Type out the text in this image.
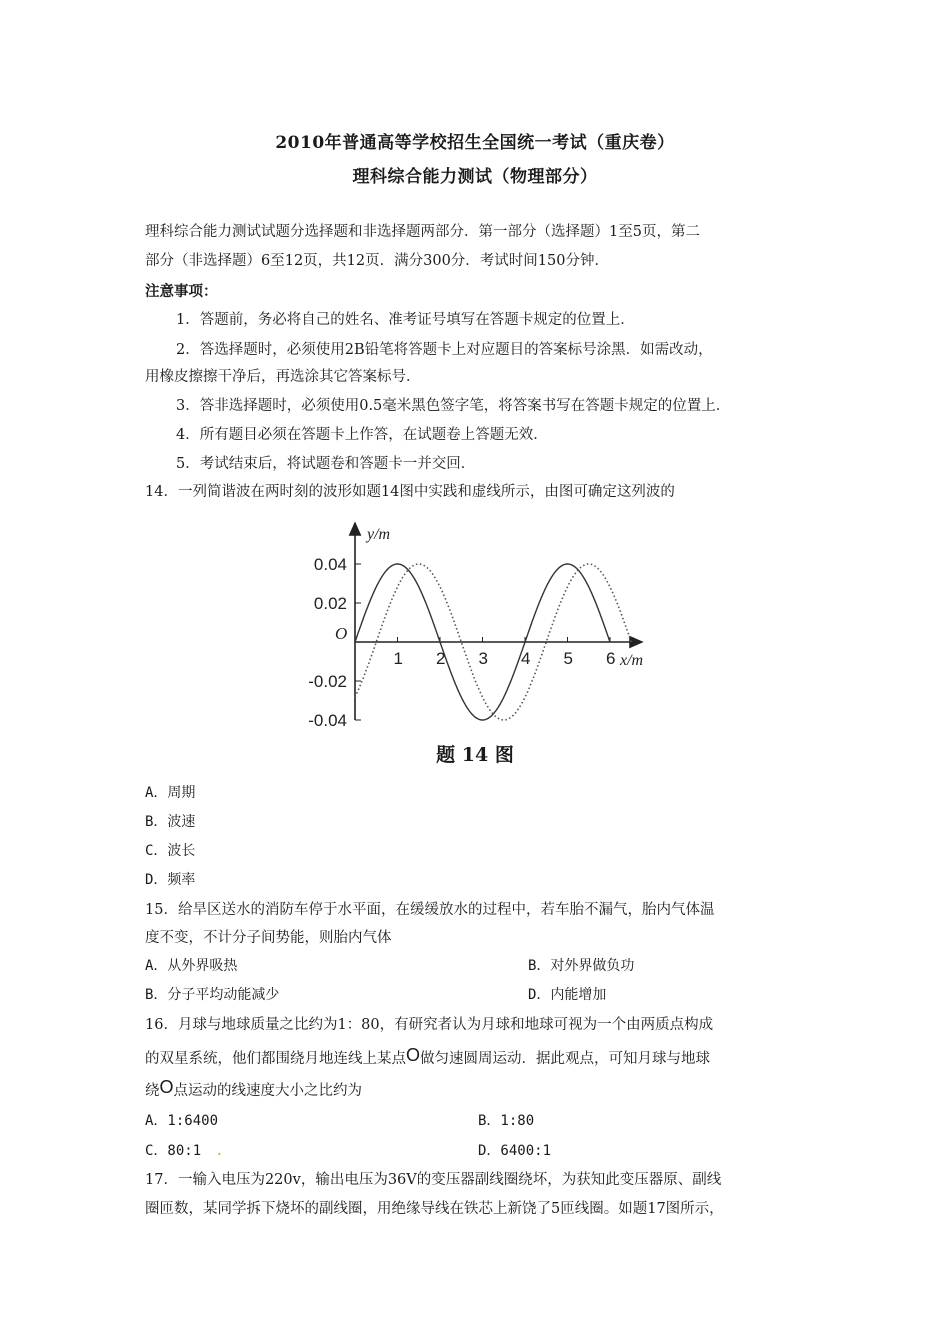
2010年普通高等学校招生全国统一考试（重庆卷）
理科综合能力测试（物理部分）
理科综合能力测试试题分选择题和非选择题两部分．第一部分（选择题）1至5页，第二
部分（非选择题）6至12页，共12页．满分300分．考试时间150分钟．
注意事项：
1．答题前，务必将自己的姓名、准考证号填写在答题卡规定的位置上．
2．答选择题时，必须使用2B铅笔将答题卡上对应题目的答案标号涂黑．如需改动，
用橡皮擦擦干净后，再选涂其它答案标号．
3．答非选择题时，必须使用0.5毫米黑色签字笔，将答案书写在答题卡规定的位置上．
4．所有题目必须在答题卡上作答，在试题卷上答题无效．
5．考试结束后，将试题卷和答题卡一并交回．
14．一列简谐波在两时刻的波形如题14图中实践和虚线所示，由图可确定这列波的
1 2 3 4 5 6
0.04
0.02
-0.02
-0.04
O
y/m
x/m
题 14 图
A．周期
B．波速
C．波长
D．频率
15．给旱区送水的消防车停于水平面，在缓缓放水的过程中，若车胎不漏气，胎内气体温
度不变，不计分子间势能，则胎内气体
A．从外界吸热	B．对外界做负功
B．分子平均动能减少	D．内能增加
16．月球与地球质量之比约为1：80，有研究者认为月球和地球可视为一个由两质点构成
的双星系统，他们都围绕月地连线上某点O做匀速圆周运动．据此观点，可知月球与地球
绕O点运动的线速度大小之比约为
A．1:6400	B．1:80
C．80:1 .	D．6400:1
17．一输入电压为220v，输出电压为36V的变压器副线圈绕坏，为获知此变压器原、副线
圈匝数，某同学拆下烧坏的副线圈，用绝缘导线在铁芯上新饶了5匝线圈。如题17图所示，
